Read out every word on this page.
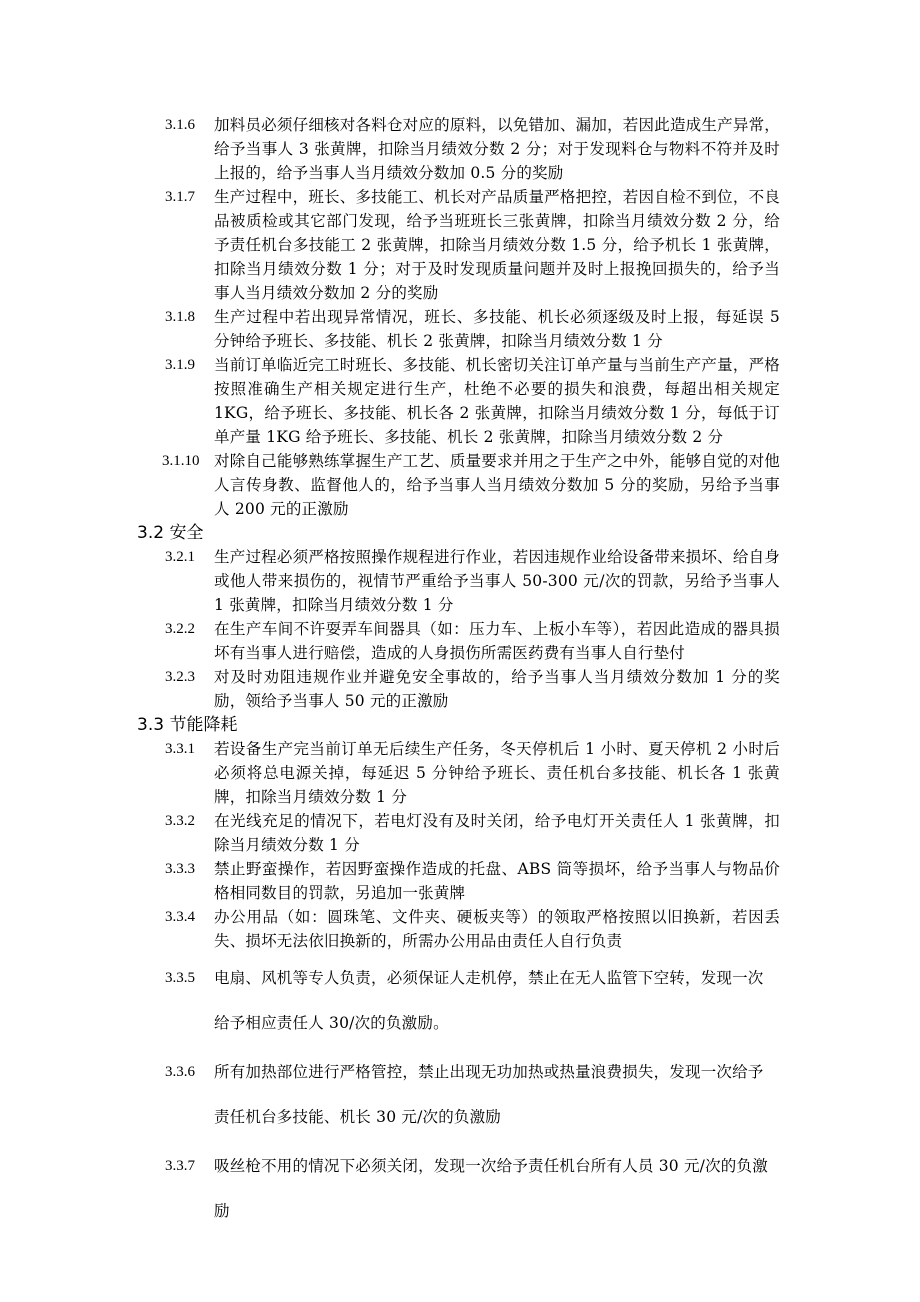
3.1.6 加料员必须仔细核对各料仓对应的原料，以免错加、漏加，若因此造成生产异常，给予当事人 3 张黄牌，扣除当月绩效分数 2 分；对于发现料仓与物料不符并及时上报的，给予当事人当月绩效分数加 0.5 分的奖励
3.1.7 生产过程中，班长、多技能工、机长对产品质量严格把控，若因自检不到位，不良品被质检或其它部门发现，给予当班班长三张黄牌，扣除当月绩效分数 2 分，给予责任机台多技能工 2 张黄牌，扣除当月绩效分数 1.5 分，给予机长 1 张黄牌，扣除当月绩效分数 1 分；对于及时发现质量问题并及时上报挽回损失的，给予当事人当月绩效分数加 2 分的奖励
3.1.8 生产过程中若出现异常情况，班长、多技能、机长必须逐级及时上报，每延误 5 分钟给予班长、多技能、机长 2 张黄牌，扣除当月绩效分数 1 分
3.1.9 当前订单临近完工时班长、多技能、机长密切关注订单产量与当前生产产量，严格按照准确生产相关规定进行生产，杜绝不必要的损失和浪费，每超出相关规定 1KG，给予班长、多技能、机长各 2 张黄牌，扣除当月绩效分数 1 分，每低于订单产量 1KG 给予班长、多技能、机长 2 张黄牌，扣除当月绩效分数 2 分
3.1.10 对除自己能够熟练掌握生产工艺、质量要求并用之于生产之中外，能够自觉的对他人言传身教、监督他人的，给予当事人当月绩效分数加 5 分的奖励，另给予当事人 200 元的正激励
3.2 安全
3.2.1 生产过程必须严格按照操作规程进行作业，若因违规作业给设备带来损坏、给自身或他人带来损伤的，视情节严重给予当事人 50-300 元/次的罚款，另给予当事人 1 张黄牌，扣除当月绩效分数 1 分
3.2.2 在生产车间不许耍弄车间器具（如：压力车、上板小车等），若因此造成的器具损坏有当事人进行赔偿，造成的人身损伤所需医药费有当事人自行垫付
3.2.3 对及时劝阻违规作业并避免安全事故的，给予当事人当月绩效分数加 1 分的奖励，领给予当事人 50 元的正激励
3.3 节能降耗
3.3.1 若设备生产完当前订单无后续生产任务，冬天停机后 1 小时、夏天停机 2 小时后必须将总电源关掉，每延迟 5 分钟给予班长、责任机台多技能、机长各 1 张黄牌，扣除当月绩效分数 1 分
3.3.2 在光线充足的情况下，若电灯没有及时关闭，给予电灯开关责任人 1 张黄牌，扣除当月绩效分数 1 分
3.3.3 禁止野蛮操作，若因野蛮操作造成的托盘、ABS 筒等损坏，给予当事人与物品价格相同数目的罚款，另追加一张黄牌
3.3.4 办公用品（如：圆珠笔、文件夹、硬板夹等）的领取严格按照以旧换新，若因丢失、损坏无法依旧换新的，所需办公用品由责任人自行负责
3.3.5 电扇、风机等专人负责，必须保证人走机停，禁止在无人监管下空转，发现一次
给予相应责任人 30/次的负激励。
3.3.6 所有加热部位进行严格管控，禁止出现无功加热或热量浪费损失，发现一次给予
责任机台多技能、机长 30 元/次的负激励
3.3.7 吸丝枪不用的情况下必须关闭，发现一次给予责任机台所有人员 30 元/次的负激
励
